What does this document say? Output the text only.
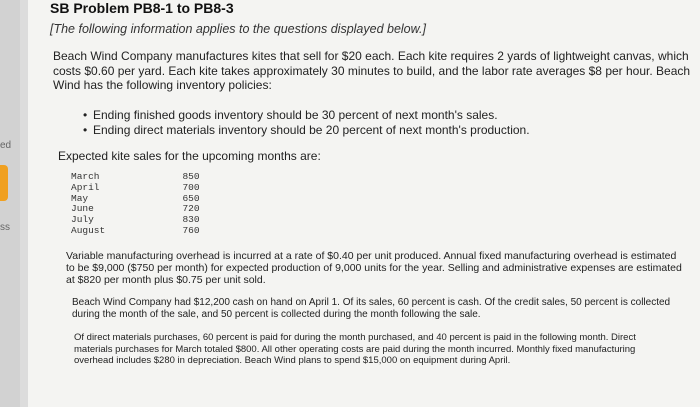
ed
ss
SB Problem PB8-1 to PB8-3
[The following information applies to the questions displayed below.]
Beach Wind Company manufactures kites that sell for $20 each. Each kite requires 2 yards of lightweight canvas, which costs $0.60 per yard. Each kite takes approximately 30 minutes to build, and the labor rate averages $8 per hour. Beach Wind has the following inventory policies:
• Ending finished goods inventory should be 30 percent of next month's sales.
• Ending direct materials inventory should be 20 percent of next month's production.
Expected kite sales for the upcoming months are:
March	850
April	700
May	650
June	720
July	830
August	760
Variable manufacturing overhead is incurred at a rate of $0.40 per unit produced. Annual fixed manufacturing overhead is estimated to be $9,000 ($750 per month) for expected production of 9,000 units for the year. Selling and administrative expenses are estimated at $820 per month plus $0.75 per unit sold.
Beach Wind Company had $12,200 cash on hand on April 1. Of its sales, 60 percent is cash. Of the credit sales, 50 percent is collected during the month of the sale, and 50 percent is collected during the month following the sale.
Of direct materials purchases, 60 percent is paid for during the month purchased, and 40 percent is paid in the following month. Direct materials purchases for March totaled $800. All other operating costs are paid during the month incurred. Monthly fixed manufacturing overhead includes $280 in depreciation. Beach Wind plans to spend $15,000 on equipment during April.
